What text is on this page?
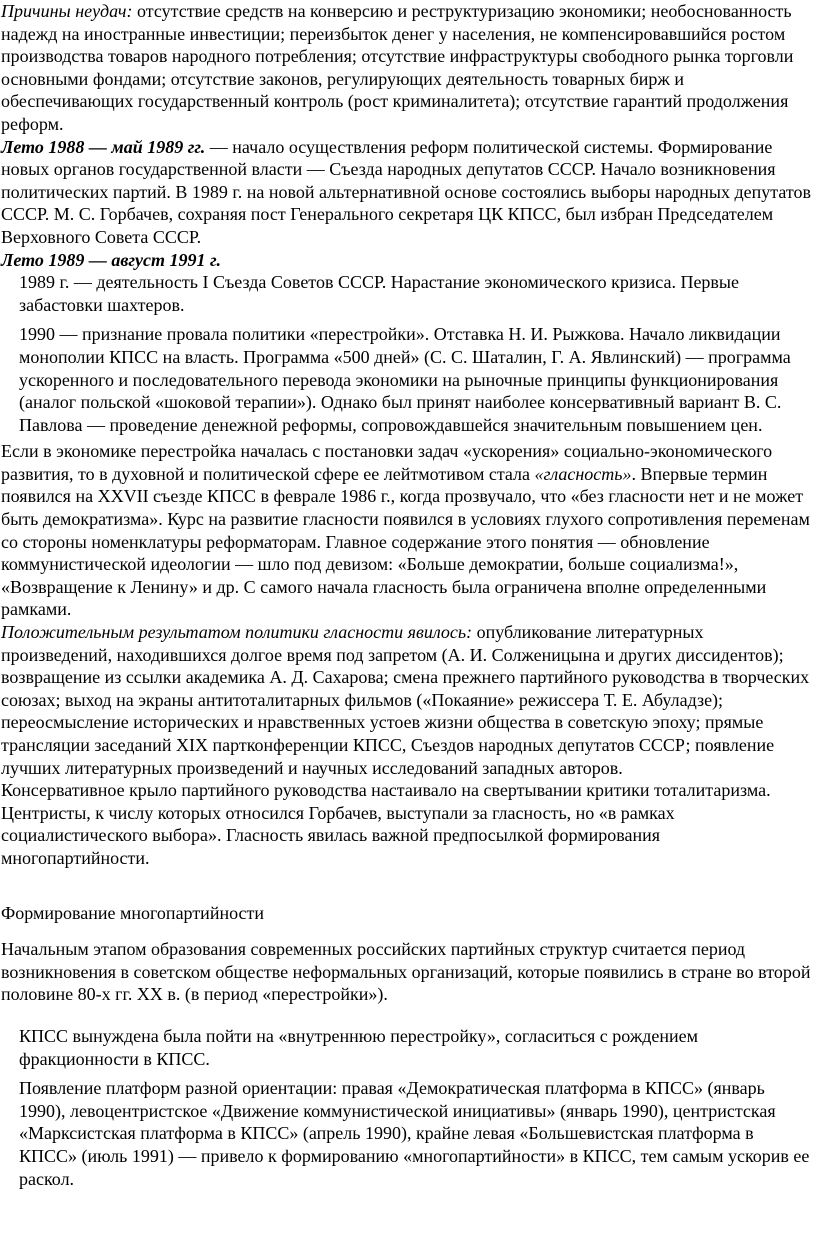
Причины неудач: отсутствие средств на конверсию и реструктуризацию экономики; необоснованность надежд на иностранные инвестиции; переизбыток денег у населения, не компенсировавшийся ростом производства товаров народного потребления; отсутствие инфраструктуры свободного рынка торговли основными фондами; отсутствие законов, регулирующих деятельность товарных бирж и обеспечивающих государственный контроль (рост криминалитета); отсутствие гарантий продолжения реформ.

Лето 1988 — май 1989 гг. — начало осуществления реформ политической системы. Формирование новых органов государственной власти — Съезда народных депутатов СССР. Начало возникновения политических партий. В 1989 г. на новой альтернативной основе состоялись выборы народных депутатов СССР. М. С. Горбачев, сохраняя пост Генерального секретаря ЦК КПСС, был избран Председателем Верховного Совета СССР.

Лето 1989 — август 1991 г.

1989 г. — деятельность I Съезда Советов СССР. Нарастание экономического кризиса. Первые забастовки шахтеров.

1990 — признание провала политики «перестройки». Отставка Н. И. Рыжкова. Начало ликвидации монополии КПСС на власть. Программа «500 дней» (С. С. Шаталин, Г. А. Явлинский) — программа ускоренного и последовательного перевода экономики на рыночные принципы функционирования (аналог польской «шоковой терапии»). Однако был принят наиболее консервативный вариант В. С. Павлова — проведение денежной реформы, сопровождавшейся значительным повышением цен.

Если в экономике перестройка началась с постановки задач «ускорения» социально-экономического развития, то в духовной и политической сфере ее лейтмотивом стала «гласность». Впервые термин появился на XXVII съезде КПСС в феврале 1986 г., когда прозвучало, что «без гласности нет и не может быть демократизма». Курс на развитие гласности появился в условиях глухого сопротивления переменам со стороны номенклатуры реформаторам. Главное содержание этого понятия — обновление коммунистической идеологии — шло под девизом: «Больше демократии, больше социализма!», «Возвращение к Ленину» и др. С самого начала гласность была ограничена вполне определенными рамками.

Положительным результатом политики гласности явилось: опубликование литературных произведений, находившихся долгое время под запретом (А. И. Солженицына и других диссидентов); возвращение из ссылки академика А. Д. Сахарова; смена прежнего партийного руководства в творческих союзах; выход на экраны антитоталитарных фильмов («Покаяние» режиссера Т. Е. Абуладзе); переосмысление исторических и нравственных устоев жизни общества в советскую эпоху; прямые трансляции заседаний XIX партконференции КПСС, Съездов народных депутатов СССР; появление лучших литературных произведений и научных исследований западных авторов.

Консервативное крыло партийного руководства настаивало на свертывании критики тоталитаризма. Центристы, к числу которых относился Горбачев, выступали за гласность, но «в рамках социалистического выбора». Гласность явилась важной предпосылкой формирования многопартийности.

Формирование многопартийности

Начальным этапом образования современных российских партийных структур считается период возникновения в советском обществе неформальных организаций, которые появились в стране во второй половине 80-х гг. XX в. (в период «перестройки»).

КПСС вынуждена была пойти на «внутреннюю перестройку», согласиться с рождением фракционности в КПСС.

Появление платформ разной ориентации: правая «Демократическая платформа в КПСС» (январь 1990), левоцентристское «Движение коммунистической инициативы» (январь 1990), центристская «Марксистская платформа в КПСС» (апрель 1990), крайне левая «Большевистская платформа в КПСС» (июль 1991) — привело к формированию «многопартийности» в КПСС, тем самым ускорив ее раскол.
